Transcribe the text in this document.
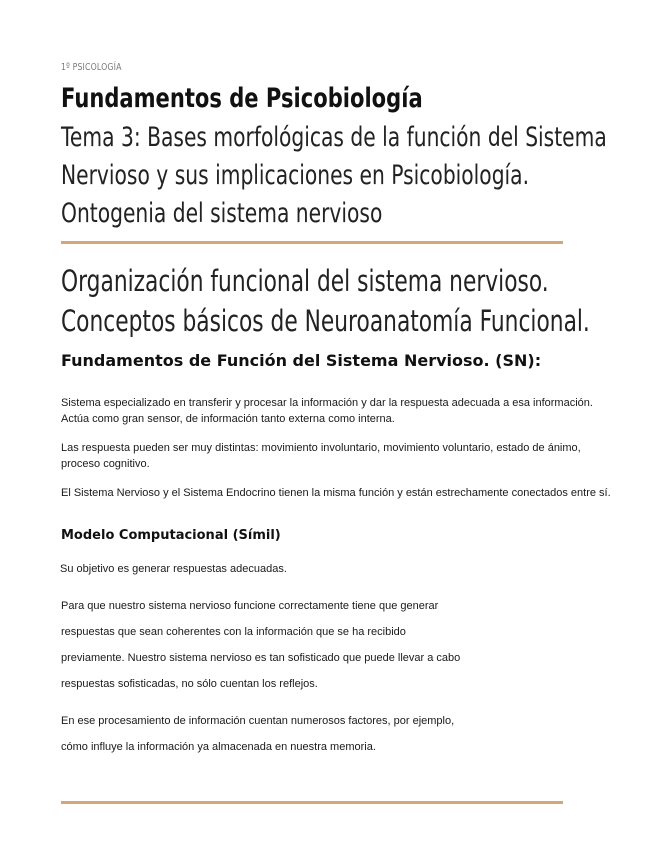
1º PSICOLOGÍA
Fundamentos de Psicobiología
Tema 3: Bases morfológicas de la función del Sistema
Nervioso y sus implicaciones en Psicobiología.
Ontogenia del sistema nervioso
Organización funcional del sistema nervioso.
Conceptos básicos de Neuroanatomía Funcional.
Fundamentos de Función del Sistema Nervioso. (SN):

Sistema especializado en transferir y procesar la información y dar la respuesta adecuada a esa información. Actúa como gran sensor, de información tanto externa como interna.

Las respuesta pueden ser muy distintas: movimiento involuntario, movimiento voluntario, estado de ánimo, proceso cognitivo.

El Sistema Nervioso y el Sistema Endocrino tienen la misma función y están estrechamente conectados entre sí.

Modelo Computacional (Símil)

Su objetivo es generar respuestas adecuadas.

Para que nuestro sistema nervioso funcione correctamente tiene que generar

respuestas que sean coherentes con la información que se ha recibido

previamente. Nuestro sistema nervioso es tan sofisticado que puede llevar a cabo

respuestas sofisticadas, no sólo cuentan los reflejos.

En ese procesamiento de información cuentan numerosos factores, por ejemplo,

cómo influye la información ya almacenada en nuestra memoria.
